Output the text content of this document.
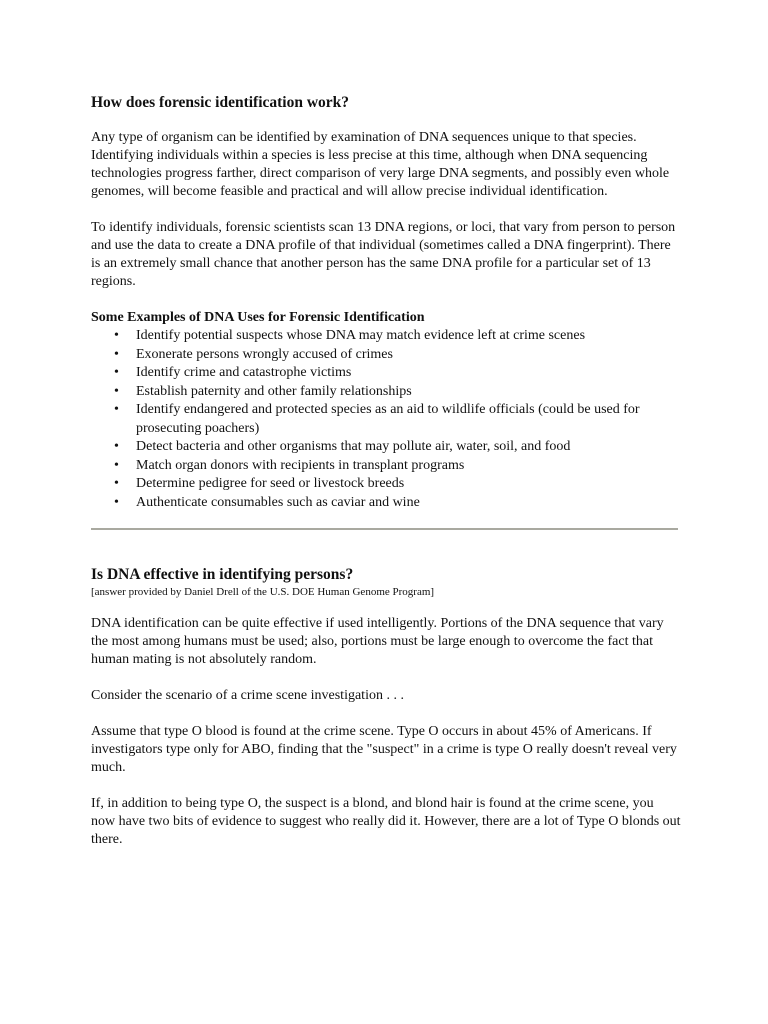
How does forensic identification work?

Any type of organism can be identified by examination of DNA sequences unique to that species. Identifying individuals within a species is less precise at this time, although when DNA sequencing technologies progress farther, direct comparison of very large DNA segments, and possibly even whole genomes, will become feasible and practical and will allow precise individual identification.

To identify individuals, forensic scientists scan 13 DNA regions, or loci, that vary from person to person and use the data to create a DNA profile of that individual (sometimes called a DNA fingerprint). There is an extremely small chance that another person has the same DNA profile for a particular set of 13 regions.

Some Examples of DNA Uses for Forensic Identification

• Identify potential suspects whose DNA may match evidence left at crime scenes
• Exonerate persons wrongly accused of crimes
• Identify crime and catastrophe victims
• Establish paternity and other family relationships
• Identify endangered and protected species as an aid to wildlife officials (could be used for prosecuting poachers)
• Detect bacteria and other organisms that may pollute air, water, soil, and food
• Match organ donors with recipients in transplant programs
• Determine pedigree for seed or livestock breeds
• Authenticate consumables such as caviar and wine
Is DNA effective in identifying persons?

[answer provided by Daniel Drell of the U.S. DOE Human Genome Program]

DNA identification can be quite effective if used intelligently. Portions of the DNA sequence that vary the most among humans must be used; also, portions must be large enough to overcome the fact that human mating is not absolutely random.

Consider the scenario of a crime scene investigation . . .

Assume that type O blood is found at the crime scene. Type O occurs in about 45% of Americans. If investigators type only for ABO, finding that the "suspect" in a crime is type O really doesn't reveal very much.

If, in addition to being type O, the suspect is a blond, and blond hair is found at the crime scene, you now have two bits of evidence to suggest who really did it. However, there are a lot of Type O blonds out there.
